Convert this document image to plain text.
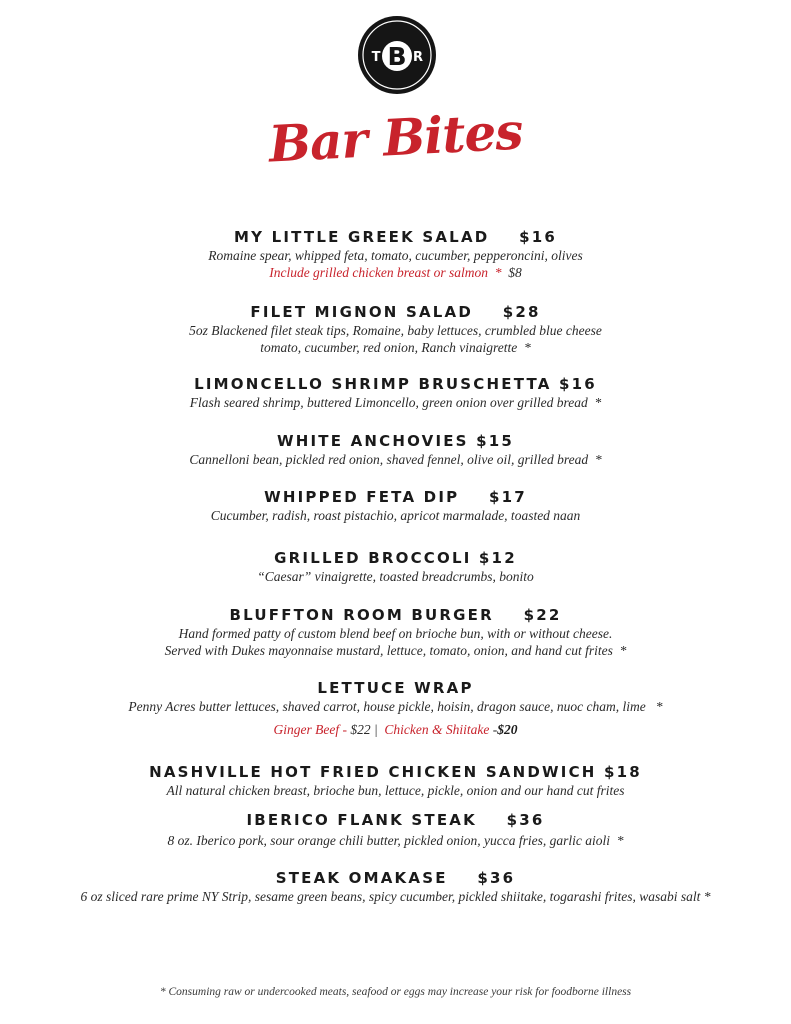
T B R
Bar Bites
MY LITTLE GREEK SALAD    $16
Romaine spear, whipped feta, tomato, cucumber, pepperoncini, olives
Include grilled chicken breast or salmon  *  $8
FILET MIGNON SALAD    $28
5oz Blackened filet steak tips, Romaine, baby lettuces, crumbled blue cheese
tomato, cucumber, red onion, Ranch vinaigrette  *
LIMONCELLO SHRIMP BRUSCHETTA $16
Flash seared shrimp, buttered Limoncello, green onion over grilled bread  *
WHITE ANCHOVIES $15
Cannelloni bean, pickled red onion, shaved fennel, olive oil, grilled bread  *
WHIPPED FETA DIP    $17
Cucumber, radish, roast pistachio, apricot marmalade, toasted naan
GRILLED BROCCOLI $12
“Caesar” vinaigrette, toasted breadcrumbs, bonito
BLUFFTON ROOM BURGER    $22
Hand formed patty of custom blend beef on brioche bun, with or without cheese.
Served with Dukes mayonnaise mustard, lettuce, tomato, onion, and hand cut frites  *
LETTUCE WRAP
Penny Acres butter lettuces, shaved carrot, house pickle, hoisin, dragon sauce, nuoc cham, lime   *
Ginger Beef - $22 |  Chicken & Shiitake -$20
NASHVILLE HOT FRIED CHICKEN SANDWICH $18
All natural chicken breast, brioche bun, lettuce, pickle, onion and our hand cut frites
IBERICO FLANK STEAK    $36
8 oz. Iberico pork, sour orange chili butter, pickled onion, yucca fries, garlic aioli  *
STEAK OMAKASE    $36
6 oz sliced rare prime NY Strip, sesame green beans, spicy cucumber, pickled shiitake, togarashi frites, wasabi salt *
* Consuming raw or undercooked meats, seafood or eggs may increase your risk for foodborne illness
